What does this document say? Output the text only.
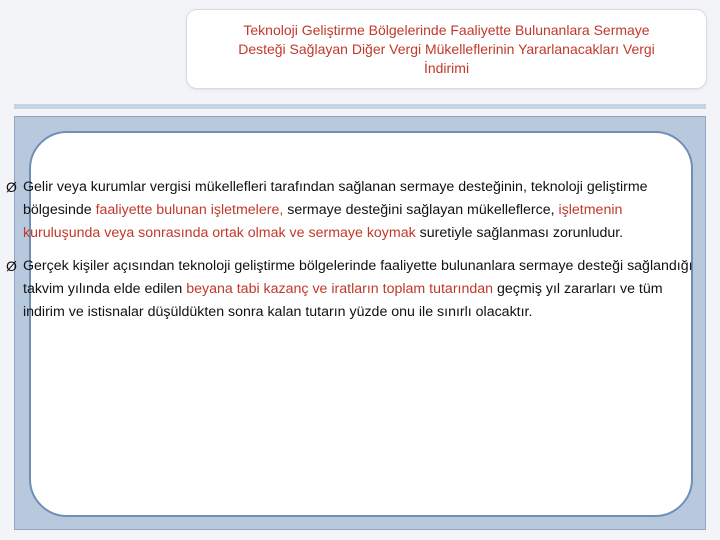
Teknoloji Geliştirme Bölgelerinde Faaliyette Bulunanlara Sermaye
Desteği Sağlayan Diğer Vergi Mükelleflerinin Yararlanacakları Vergi
İndirimi
Ø Gelir veya kurumlar vergisi mükellefleri tarafından sağlanan sermaye desteğinin, teknoloji geliştirme bölgesinde faaliyette bulunan işletmelere, sermaye desteğini sağlayan mükelleflerce, işletmenin kuruluşunda veya sonrasında ortak olmak ve sermaye koymak suretiyle sağlanması zorunludur.
Ø Gerçek kişiler açısından teknoloji geliştirme bölgelerinde faaliyette bulunanlara sermaye desteği sağlandığı takvim yılında elde edilen beyana tabi kazanç ve iratların toplam tutarından geçmiş yıl zararları ve tüm indirim ve istisnalar düşüldükten sonra kalan tutarın yüzde onu ile sınırlı olacaktır.
